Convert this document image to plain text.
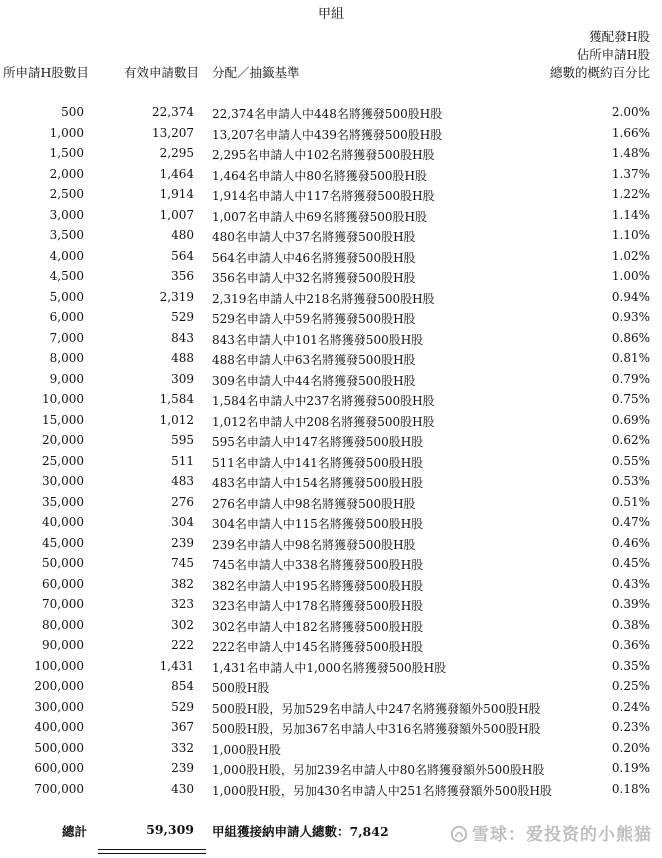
甲組
所申請H股數目	有效申請數目 分配／抽籤基準
獲配發H股
佔所申請H股
總數的概約百分比
500	22,374 22,374名申請人中448名將獲發500股H股	2.00%
1,000	13,207 13,207名申請人中439名將獲發500股H股	1.66%
1,500	2,295 2,295名申請人中102名將獲發500股H股	1.48%
2,000	1,464 1,464名申請人中80名將獲發500股H股	1.37%
2,500	1,914 1,914名申請人中117名將獲發500股H股	1.22%
3,000	1,007 1,007名申請人中69名將獲發500股H股	1.14%
3,500	480 480名申請人中37名將獲發500股H股	1.10%
4,000	564 564名申請人中46名將獲發500股H股	1.02%
4,500	356 356名申請人中32名將獲發500股H股	1.00%
5,000	2,319 2,319名申請人中218名將獲發500股H股	0.94%
6,000	529 529名申請人中59名將獲發500股H股	0.93%
7,000	843 843名申請人中101名將獲發500股H股	0.86%
8,000	488 488名申請人中63名將獲發500股H股	0.81%
9,000	309 309名申請人中44名將獲發500股H股	0.79%
10,000	1,584 1,584名申請人中237名將獲發500股H股	0.75%
15,000	1,012 1,012名申請人中208名將獲發500股H股	0.69%
20,000	595 595名申請人中147名將獲發500股H股	0.62%
25,000	511 511名申請人中141名將獲發500股H股	0.55%
30,000	483 483名申請人中154名將獲發500股H股	0.53%
35,000	276 276名申請人中98名將獲發500股H股	0.51%
40,000	304 304名申請人中115名將獲發500股H股	0.47%
45,000	239 239名申請人中98名將獲發500股H股	0.46%
50,000	745 745名申請人中338名將獲發500股H股	0.45%
60,000	382 382名申請人中195名將獲發500股H股	0.43%
70,000	323 323名申請人中178名將獲發500股H股	0.39%
80,000	302 302名申請人中182名將獲發500股H股	0.38%
90,000	222 222名申請人中145名將獲發500股H股	0.36%
100,000	1,431 1,431名申請人中1,000名將獲發500股H股	0.35%
200,000	854 500股H股	0.25%
300,000	529 500股H股，另加529名申請人中247名將獲發額外500股H股	0.24%
400,000	367 500股H股，另加367名申請人中316名將獲發額外500股H股	0.23%
500,000	332 1,000股H股	0.20%
600,000	239 1,000股H股，另加239名申請人中80名將獲發額外500股H股	0.19%
700,000	430 1,000股H股，另加430名申請人中251名將獲發額外500股H股	0.18%
總計	59,309 甲組獲接納申請人總數：7,842	雪球：爱投资的小熊猫
